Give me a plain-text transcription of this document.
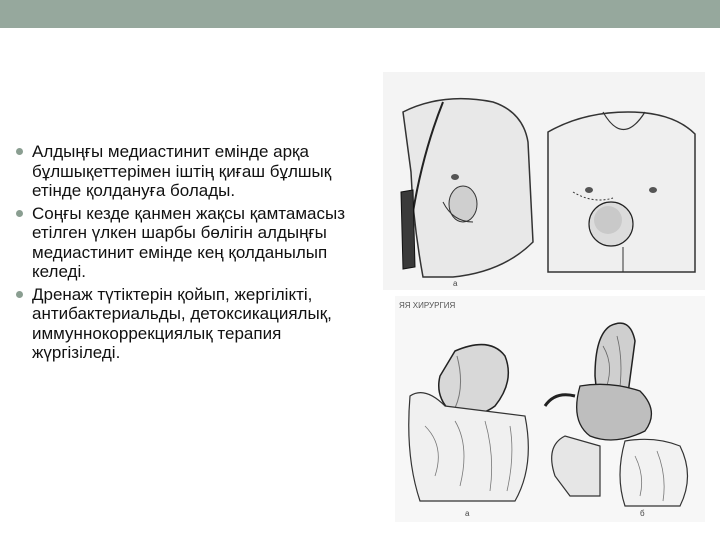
Алдыңғы медиастинит емінде арқа бұлшықеттерімен іштің қиғаш бұлшық етінде қолдануға болады.
Соңғы кезде қанмен жақсы қамтамасыз етілген үлкен шарбы бөлігін алдыңғы медиастинит емінде кең қолданылып келеді.
Дренаж түтіктерін қойып, жергілікті, антибактериальды, детоксикациялық, иммуннокоррекциялық терапия жүргізіледі.
а
ЯЯ ХИРУРГИЯ
а	б
